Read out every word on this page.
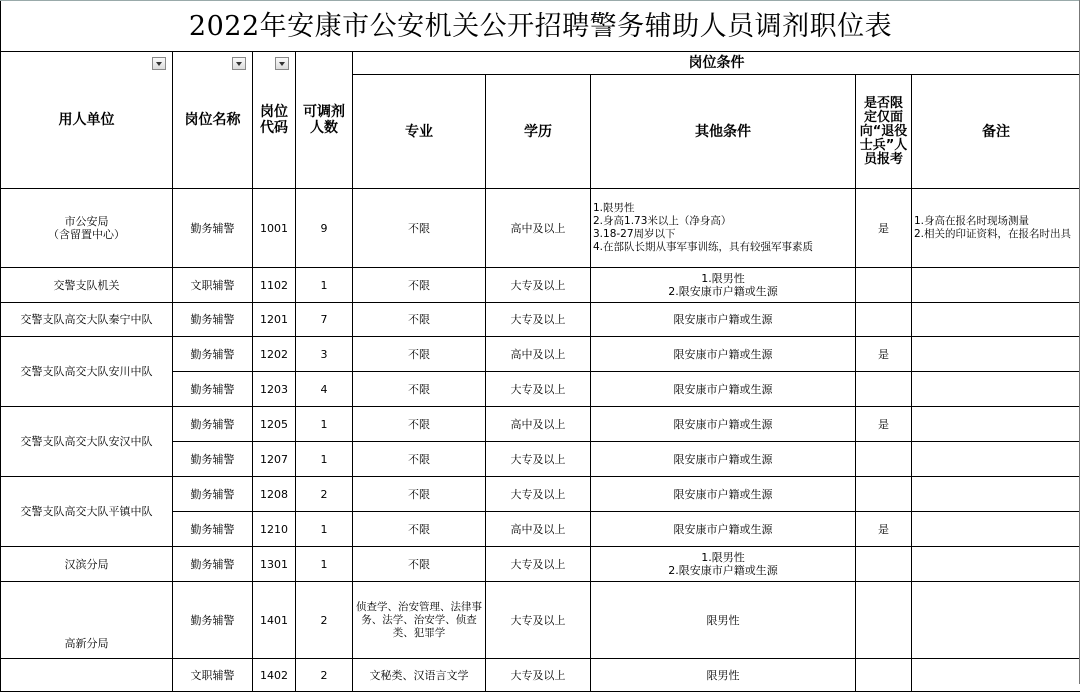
2022年安康市公安机关公开招聘警务辅助人员调剂职位表								

用人单位	岗位名称	岗位代码	可调剂人数	岗位条件				
				专业	学历	其他条件	是否限定仅面向“退役士兵”人员报考	备注
市公安局
（含留置中心）	勤务辅警	1001	9	不限	高中及以上	1.限男性
2.身高1.73米以上（净身高）
3.18-27周岁以下
4.在部队长期从事军事训练，具有较强军事素质	是	1.身高在报名时现场测量
2.相关的印证资料，在报名时出具
交警支队机关	文职辅警	1102	1	不限	大专及以上	1.限男性
2.限安康市户籍或生源		
交警支队高交大队秦宁中队	勤务辅警	1201	7	不限	大专及以上	限安康市户籍或生源		
交警支队高交大队安川中队	勤务辅警	1202	3	不限	高中及以上	限安康市户籍或生源	是	
	勤务辅警	1203	4	不限	大专及以上	限安康市户籍或生源		
交警支队高交大队安汉中队	勤务辅警	1205	1	不限	高中及以上	限安康市户籍或生源	是	
	勤务辅警	1207	1	不限	大专及以上	限安康市户籍或生源		
交警支队高交大队平镇中队	勤务辅警	1208	2	不限	大专及以上	限安康市户籍或生源		
	勤务辅警	1210	1	不限	高中及以上	限安康市户籍或生源	是	
汉滨分局	勤务辅警	1301	1	不限	大专及以上	1.限男性
2.限安康市户籍或生源		
高新分局	勤务辅警	1401	2	侦查学、治安管理、法律事务、法学、治安学、侦查类、犯罪学	大专及以上	限男性		
	文职辅警	1402	2	文秘类、汉语言文学	大专及以上	限男性		
